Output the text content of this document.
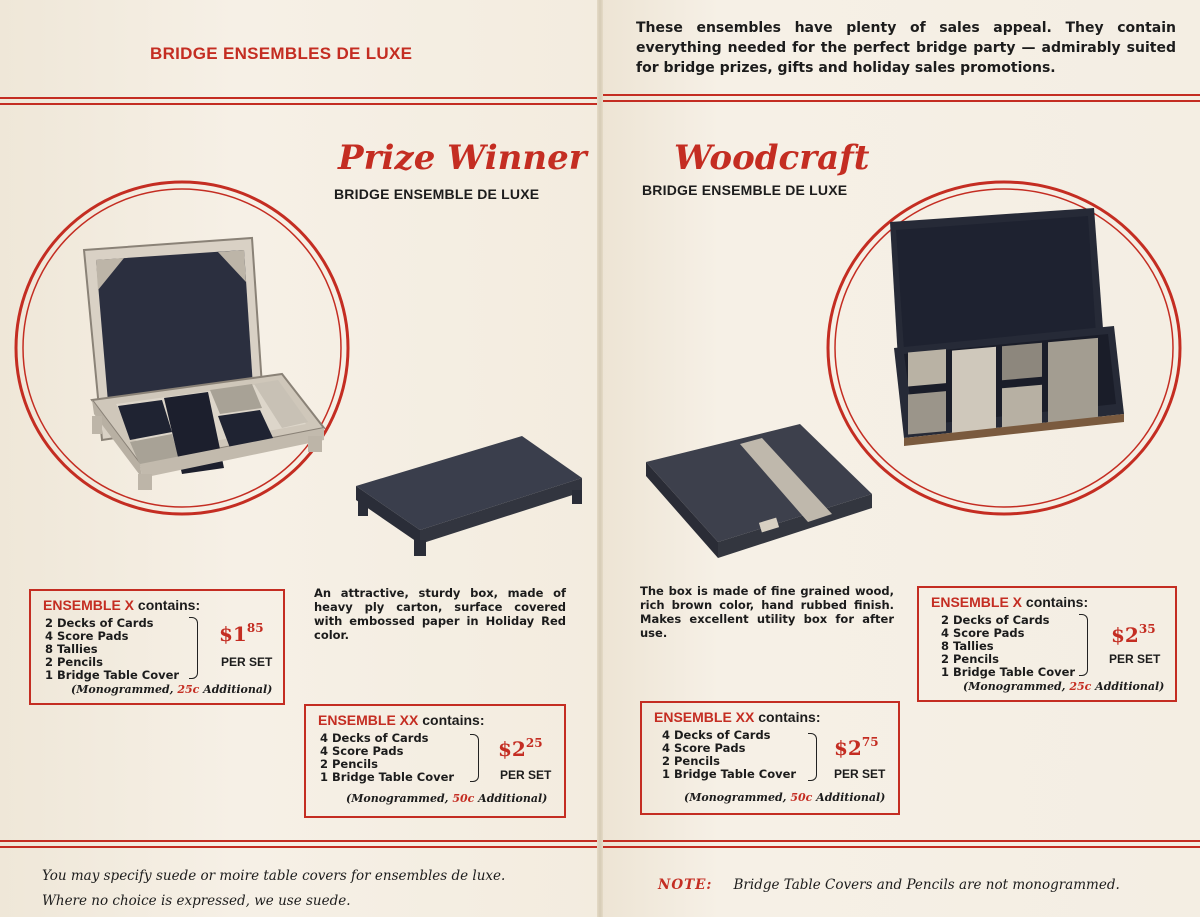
BRIDGE ENSEMBLES DE LUXE
Prize Winner
BRIDGE ENSEMBLE DE LUXE
An attractive, sturdy box, made of heavy ply carton, surface covered with embossed paper in Holiday Red color.
ENSEMBLE X contains:
2 Decks of Cards
4 Score Pads
8 Tallies
2 Pencils
1 Bridge Table Cover
$\$1^{85}$
PER SET
(Monogrammed, 25c Additional)
ENSEMBLE XX contains:
4 Decks of Cards
4 Score Pads
2 Pencils
1 Bridge Table Cover
$\$2^{25}$
PER SET
(Monogrammed, 50c Additional)
You may specify suede or moire table covers for ensembles de luxe.
Where no choice is expressed, we use suede.
These ensembles have plenty of sales appeal. They contain everything needed for the perfect bridge party — admirably suited for bridge prizes, gifts and holiday sales promotions.
Woodcraft
BRIDGE ENSEMBLE DE LUXE
The box is made of fine grained wood, rich brown color, hand rubbed finish. Makes excellent utility box for after use.
ENSEMBLE X contains:
2 Decks of Cards
4 Score Pads
8 Tallies
2 Pencils
1 Bridge Table Cover
$\$2^{35}$
PER SET
(Monogrammed, 25c Additional)
ENSEMBLE XX contains:
4 Decks of Cards
4 Score Pads
2 Pencils
1 Bridge Table Cover
$\$2^{75}$
PER SET
(Monogrammed, 50c Additional)
NOTE: Bridge Table Covers and Pencils are not monogrammed.
